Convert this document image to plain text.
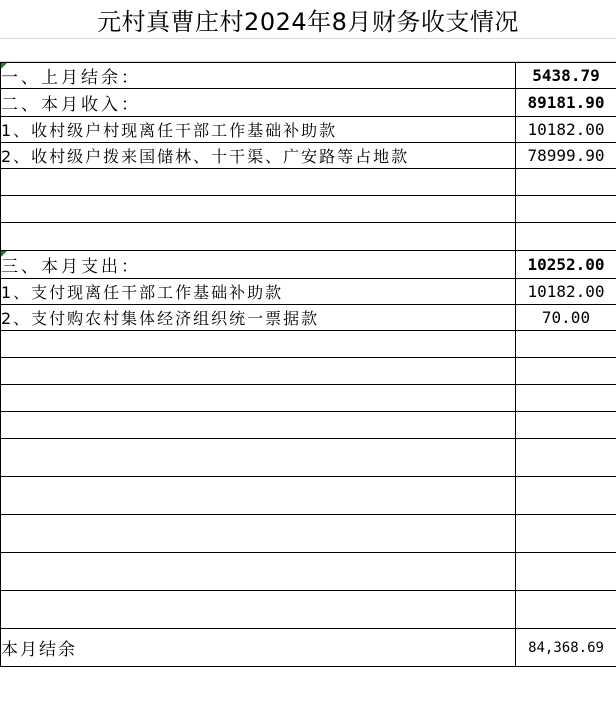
元村真曹庄村2024年8月财务收支情况
一、上月结余：	5438.79
二、本月收入：	89181.90
1、收村级户村现离任干部工作基础补助款	10182.00
2、收村级户拨来国储林、十干渠、广安路等占地款	78999.90

三、本月支出：	10252.00
1、支付现离任干部工作基础补助款	10182.00
2、支付购农村集体经济组织统一票据款	70.00

本月结余	84,368.69
